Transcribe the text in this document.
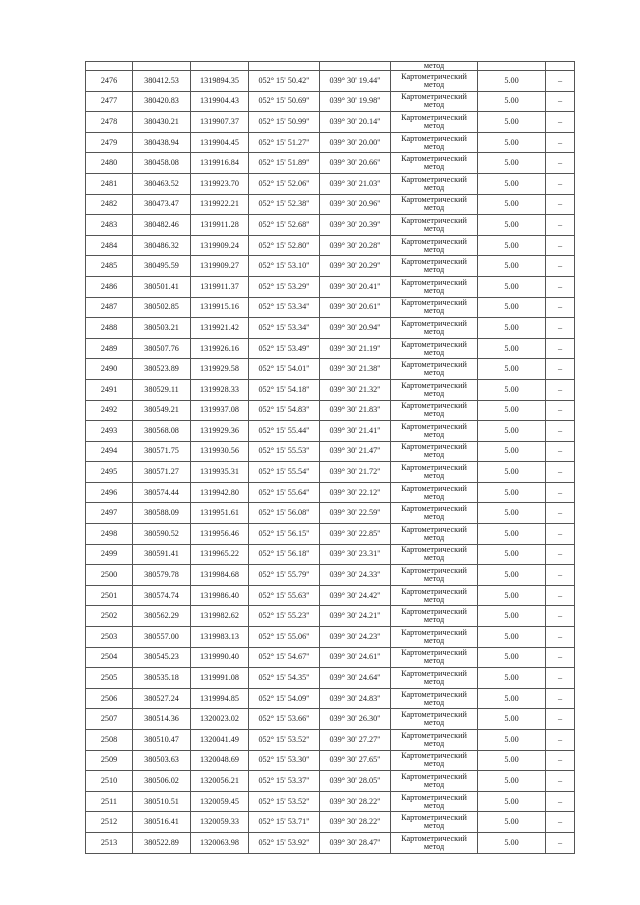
					метод		
2476	380412.53	1319894.35	052° 15' 50.42"	039° 30' 19.44"	Картометрический
метод	5.00	–
2477	380420.83	1319904.43	052° 15' 50.69"	039° 30' 19.98"	Картометрический
метод	5.00	–
2478	380430.21	1319907.37	052° 15' 50.99"	039° 30' 20.14"	Картометрический
метод	5.00	–
2479	380438.94	1319904.45	052° 15' 51.27"	039° 30' 20.00"	Картометрический
метод	5.00	–
2480	380458.08	1319916.84	052° 15' 51.89"	039° 30' 20.66"	Картометрический
метод	5.00	–
2481	380463.52	1319923.70	052° 15' 52.06"	039° 30' 21.03"	Картометрический
метод	5.00	–
2482	380473.47	1319922.21	052° 15' 52.38"	039° 30' 20.96"	Картометрический
метод	5.00	–
2483	380482.46	1319911.28	052° 15' 52.68"	039° 30' 20.39"	Картометрический
метод	5.00	–
2484	380486.32	1319909.24	052° 15' 52.80"	039° 30' 20.28"	Картометрический
метод	5.00	–
2485	380495.59	1319909.27	052° 15' 53.10"	039° 30' 20.29"	Картометрический
метод	5.00	–
2486	380501.41	1319911.37	052° 15' 53.29"	039° 30' 20.41"	Картометрический
метод	5.00	–
2487	380502.85	1319915.16	052° 15' 53.34"	039° 30' 20.61"	Картометрический
метод	5.00	–
2488	380503.21	1319921.42	052° 15' 53.34"	039° 30' 20.94"	Картометрический
метод	5.00	–
2489	380507.76	1319926.16	052° 15' 53.49"	039° 30' 21.19"	Картометрический
метод	5.00	–
2490	380523.89	1319929.58	052° 15' 54.01"	039° 30' 21.38"	Картометрический
метод	5.00	–
2491	380529.11	1319928.33	052° 15' 54.18"	039° 30' 21.32"	Картометрический
метод	5.00	–
2492	380549.21	1319937.08	052° 15' 54.83"	039° 30' 21.83"	Картометрический
метод	5.00	–
2493	380568.08	1319929.36	052° 15' 55.44"	039° 30' 21.41"	Картометрический
метод	5.00	–
2494	380571.75	1319930.56	052° 15' 55.53"	039° 30' 21.47"	Картометрический
метод	5.00	–
2495	380571.27	1319935.31	052° 15' 55.54"	039° 30' 21.72"	Картометрический
метод	5.00	–
2496	380574.44	1319942.80	052° 15' 55.64"	039° 30' 22.12"	Картометрический
метод	5.00	–
2497	380588.09	1319951.61	052° 15' 56.08"	039° 30' 22.59"	Картометрический
метод	5.00	–
2498	380590.52	1319956.46	052° 15' 56.15"	039° 30' 22.85"	Картометрический
метод	5.00	–
2499	380591.41	1319965.22	052° 15' 56.18"	039° 30' 23.31"	Картометрический
метод	5.00	–
2500	380579.78	1319984.68	052° 15' 55.79"	039° 30' 24.33"	Картометрический
метод	5.00	–
2501	380574.74	1319986.40	052° 15' 55.63"	039° 30' 24.42"	Картометрический
метод	5.00	–
2502	380562.29	1319982.62	052° 15' 55.23"	039° 30' 24.21"	Картометрический
метод	5.00	–
2503	380557.00	1319983.13	052° 15' 55.06"	039° 30' 24.23"	Картометрический
метод	5.00	–
2504	380545.23	1319990.40	052° 15' 54.67"	039° 30' 24.61"	Картометрический
метод	5.00	–
2505	380535.18	1319991.08	052° 15' 54.35"	039° 30' 24.64"	Картометрический
метод	5.00	–
2506	380527.24	1319994.85	052° 15' 54.09"	039° 30' 24.83"	Картометрический
метод	5.00	–
2507	380514.36	1320023.02	052° 15' 53.66"	039° 30' 26.30"	Картометрический
метод	5.00	–
2508	380510.47	1320041.49	052° 15' 53.52"	039° 30' 27.27"	Картометрический
метод	5.00	–
2509	380503.63	1320048.69	052° 15' 53.30"	039° 30' 27.65"	Картометрический
метод	5.00	–
2510	380506.02	1320056.21	052° 15' 53.37"	039° 30' 28.05"	Картометрический
метод	5.00	–
2511	380510.51	1320059.45	052° 15' 53.52"	039° 30' 28.22"	Картометрический
метод	5.00	–
2512	380516.41	1320059.33	052° 15' 53.71"	039° 30' 28.22"	Картометрический
метод	5.00	–
2513	380522.89	1320063.98	052° 15' 53.92"	039° 30' 28.47"	Картометрический
метод	5.00	–
